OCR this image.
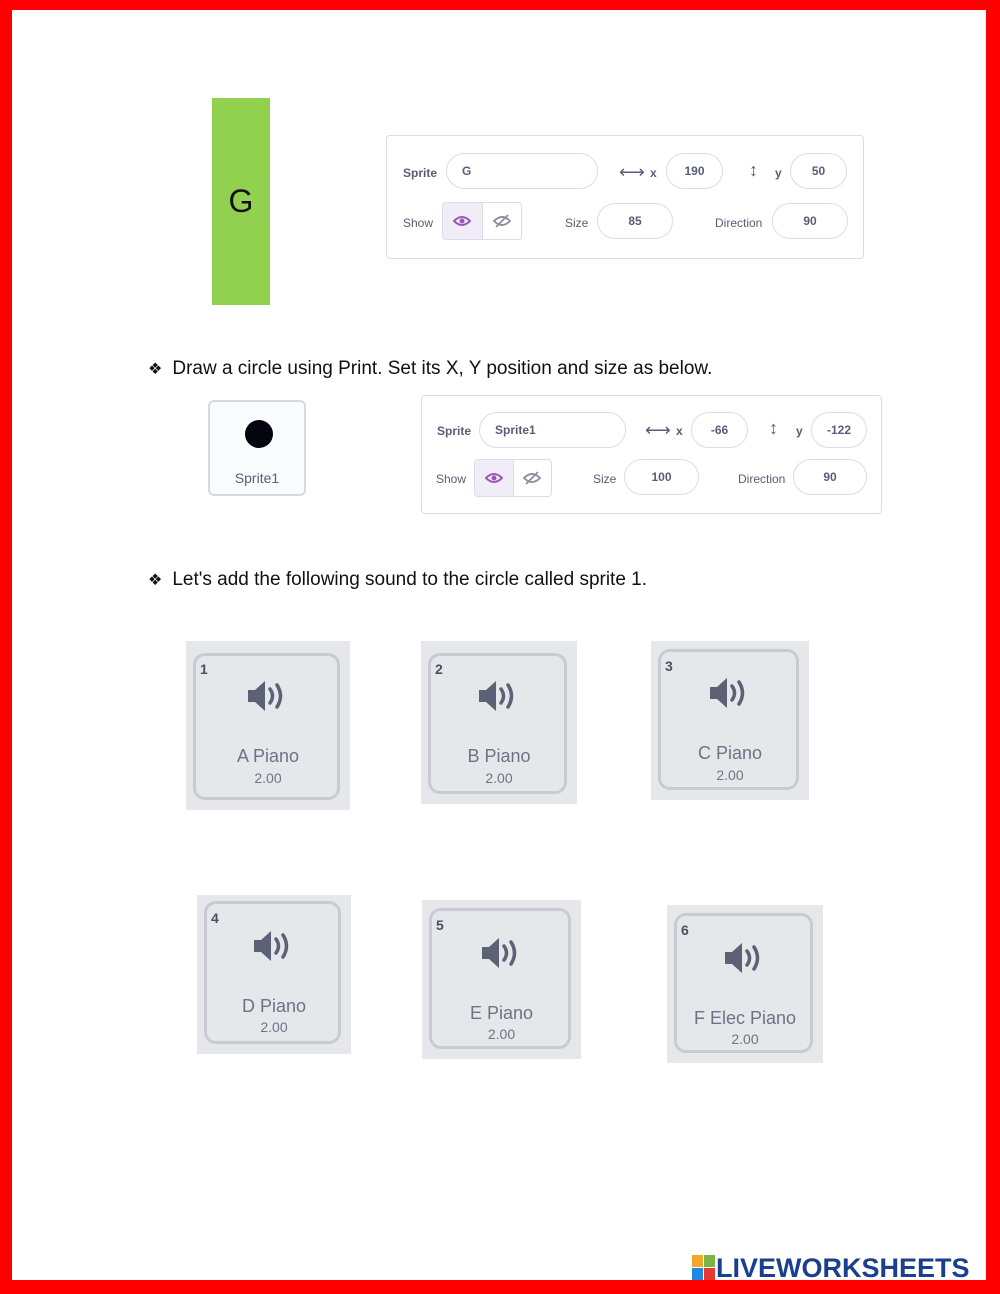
G
Sprite	G	⟷ x	190	↕ y	50
Show	Size	85	Direction	90
❖ Draw a circle using Print. Set its X, Y position and size as below.
Sprite1
Sprite	Sprite1	⟷ x	-66	↕ y	-122
Show	Size	100	Direction	90
❖ Let's add the following sound to the circle called sprite 1.
1
A Piano
2.00
2
B Piano
2.00
3
C Piano
2.00
4
D Piano
2.00
5
E Piano
2.00
6
F Elec Piano
2.00
LIVEWORKSHEETS
